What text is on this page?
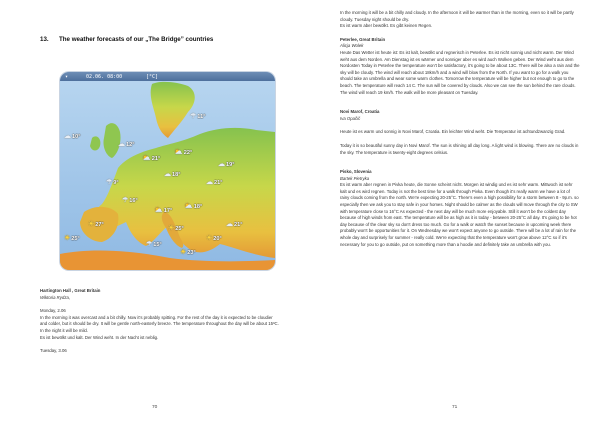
13. The weather forecasts of our „The Bridge” countries
▾	02.06. 08:00	[°C]
☁10°
☂11°
☁12°
⛅21°
⛅22°
☁19°
☂9°
☁18°
☁21°
☂16°
⛅17°
⛅18°
☀27°
☀25°
☁21°
☀25°
☀20°
☀23°
☂15°

Hartington Hall , Great Britain

Wiktoria Rydza,

Monday, 2.06

In the morning it was overcast and a bit chilly. Now it's probably spitting. For the rest of the day it is expected to be cloudier and colder, but it should be dry. It will be gentle north-easterly breeze. The temperature throughout the day will be about 15ºC. In the night it will be mild.

Es ist bewölkt und kalt. Der Wind weht. In der Nacht ist neblig.

Tuesday, 3.06

70

In the morning it will be a bit chilly and cloudy. In the afternoon it will be warmer than in the morning, even so it will be partly cloudy. Tuesday night should be dry.

Es ist warm aber bewölkt. Es gibt keinen Regen.

Peterlee, Great Britain

Alicja Wolek

Heute Das Wetter ist heute ist: Es ist kalt, bewölkt und regnerisch in Peterlee. Es ist nicht sonnig und nicht warm. Der Wind weht aus dem Norden. Am Dienstag ist es wärmer und sonniger aber es wird auch Wolken geben. Der Wind weht aus dem Nordosten Today in Peterlee the temperature won't be satisfactory, it's going to be about 13C. There will be also a rain and the sky will be cloudy. The wind will reach about 18km/h and a wind will blow from the North. If you want to go for a walk you should take an umbrella and wear some warm clothes. Tomorrow the temperature will be higher but not enough to go to the beach. The temperature will reach 14 C. The sun will be covered by clouds. Also we can see the sun behind the rare clouds. The wind will reach 19 km/h. The walk will be more pleasant on Tuesday.

Novi Marof, Croatia

Iva Opačić

Heute ist es warm und sonnig in Novi Marof, Croatia. Ein leichter Wind weht. Die Temperatur ist achtundzwanzig Grad.

Today it is so beautiful sunny day in Novi Marof. The sun is shining all day long. A light wind is blowing. There are no clouds in the sky. The temperature is twenty-eight degrees celsius.

Pisko, Slovenia

Bartek Pietryka

Es ist warm aber regnen in Pivka heute, die Sonne scheint nicht. Morgen ist windig und es ist sehr warm. Mittwoch ist sehr kalt und es wird regnen. Today is not the best time for a walk through Pivka. Even though it's really warm we have a lot of rainy clouds coming from the north. We're expecting 20-25°C. There's even a high possibility for a storm between 8 - 9p.m. so especially then we ask you to stay safe in your homes. Night should be calmer as the clouds will move through the city to SW with temperature close to 16°C As expected - the next day will be much more enjoyable. Still it won't be the coldest day because of high winds from east. The temperature will be as high as it is today - between 20-25°C all day. It's going to be hot day because of the clear sky so don't dress too much. Go for a walk or watch the sunset because in upcoming week there probably won't be opportunities for it. On Wednesday we won't expect anyone to go outside. There will be a lot of rain for the whole day and surprisely for summer - really cold. We're expecting that the temperature won't grow above 12°C so if it's necessary for you to go outside, put on something more than a hoodie and definitely take an umbrella with you.

71
